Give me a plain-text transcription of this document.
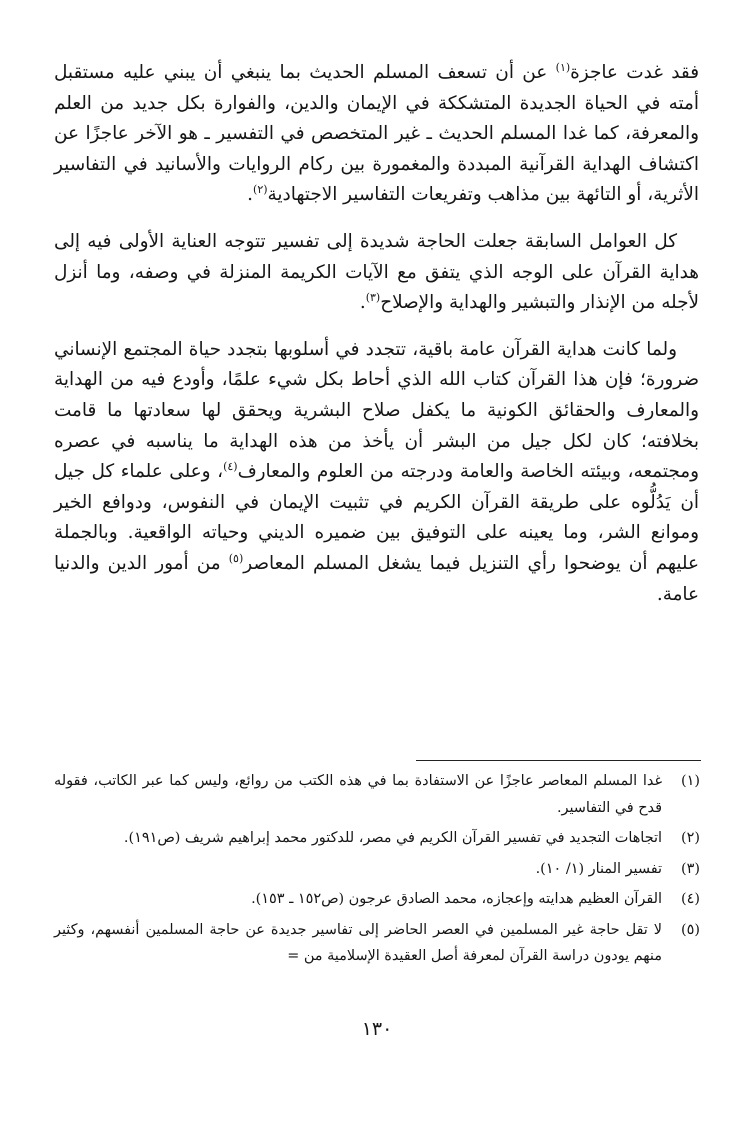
فقد غدت عاجزة$^{(١)}$ عن أن تسعف المسلم الحديث بما ينبغي أن يبني عليه مستقبل أمته في الحياة الجديدة المتشككة في الإيمان والدين، والفوارة بكل جديد من العلم والمعرفة، كما غدا المسلم الحديث ـ غير المتخصص في التفسير ـ هو الآخر عاجزًا عن اكتشاف الهداية القرآنية المبددة والمغمورة بين ركام الروايات والأسانيد في التفاسير الأثرية، أو التائهة بين مذاهب وتفريعات التفاسير الاجتهادية$^{(٢)}$.

كل العوامل السابقة جعلت الحاجة شديدة إلى تفسير تتوجه العناية الأولى فيه إلى هداية القرآن على الوجه الذي يتفق مع الآيات الكريمة المنزلة في وصفه، وما أنزل لأجله من الإنذار والتبشير والهداية والإصلاح$^{(٣)}$.

ولما كانت هداية القرآن عامة باقية، تتجدد في أسلوبها بتجدد حياة المجتمع الإنساني ضرورة؛ فإن هذا القرآن كتاب الله الذي أحاط بكل شيء علمًا، وأودع فيه من الهداية والمعارف والحقائق الكونية ما يكفل صلاح البشرية ويحقق لها سعادتها ما قامت بخلافته؛ كان لكل جيل من البشر أن يأخذ من هذه الهداية ما يناسبه في عصره ومجتمعه، وبيئته الخاصة والعامة ودرجته من العلوم والمعارف$^{(٤)}$، وعلى علماء كل جيل أن يَدُلُّوه على طريقة القرآن الكريم في تثبيت الإيمان في النفوس، ودوافع الخير وموانع الشر، وما يعينه على التوفيق بين ضميره الديني وحياته الواقعية. وبالجملة عليهم أن يوضحوا رأي التنزيل فيما يشغل المسلم المعاصر$^{(٥)}$ من أمور الدين والدنيا عامة.

(١)
غدا المسلم المعاصر عاجزًا عن الاستفادة بما في هذه الكتب من روائع، وليس كما عبر الكاتب، فقوله قدح في التفاسير.
(٢)
اتجاهات التجديد في تفسير القرآن الكريم في مصر، للدكتور محمد إبراهيم شريف (ص١٩١).
(٣)
تفسير المنار (١/ ١٠).
(٤)
القرآن العظيم هدايته وإعجازه، محمد الصادق عرجون (ص١٥٢ ـ ١٥٣).
(٥)
لا تقل حاجة غير المسلمين في العصر الحاضر إلى تفاسير جديدة عن حاجة المسلمين أنفسهم، وكثير منهم يودون دراسة القرآن لمعرفة أصل العقيدة الإسلامية من =
١٣٠
